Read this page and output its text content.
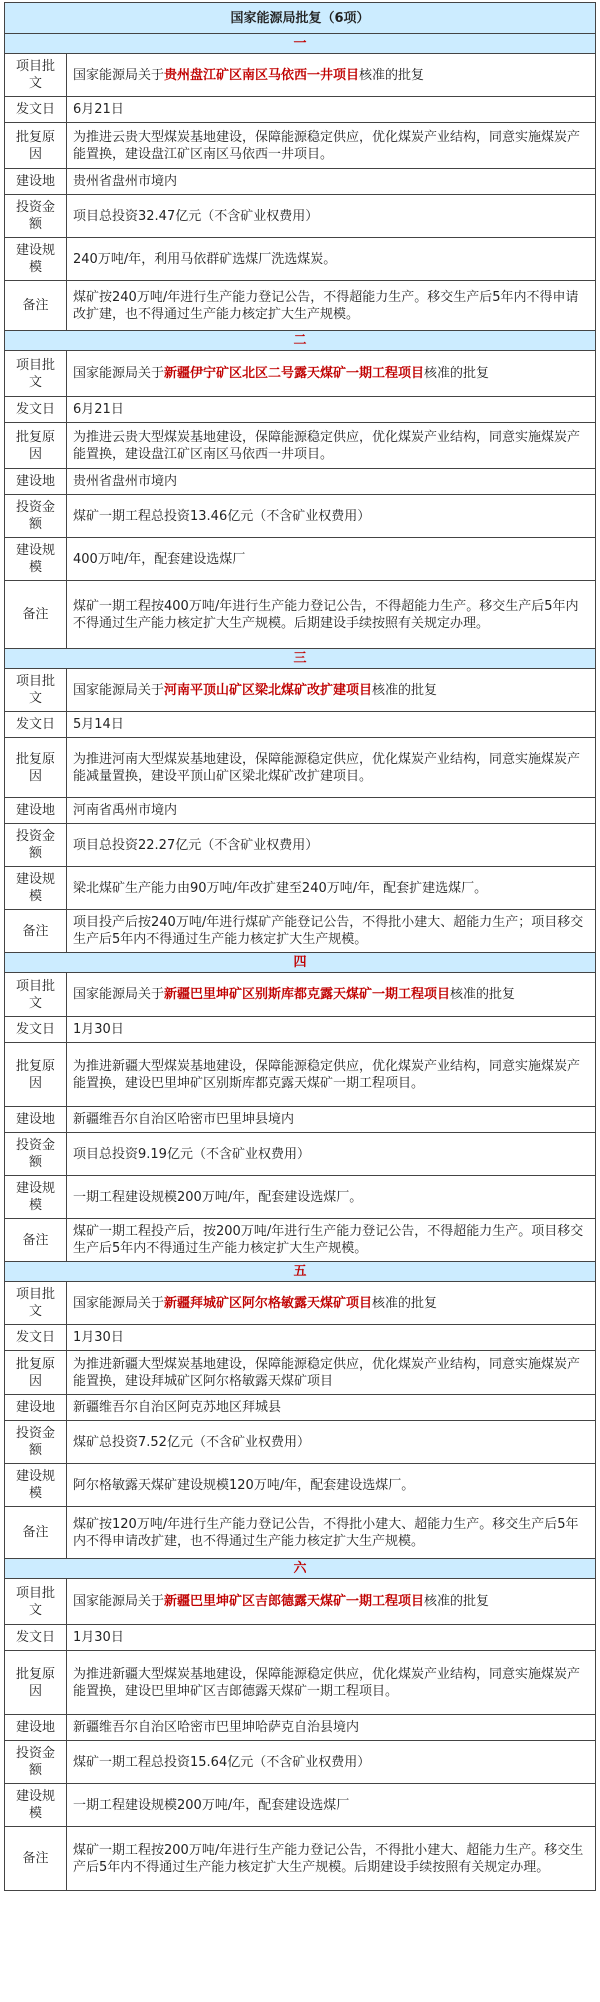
国家能源局批复（6项）	
一	
项目批文	国家能源局关于贵州盘江矿区南区马依西一井项目核准的批复
发文日	6月21日
批复原因	为推进云贵大型煤炭基地建设，保障能源稳定供应，优化煤炭产业结构，同意实施煤炭产能置换，建设盘江矿区南区马依西一井项目。
建设地	贵州省盘州市境内
投资金额	项目总投资32.47亿元（不含矿业权费用）
建设规模	240万吨/年，利用马依群矿选煤厂洗选煤炭。
备注	煤矿按240万吨/年进行生产能力登记公告，不得超能力生产。移交生产后5年内不得申请改扩建，也不得通过生产能力核定扩大生产规模。
二	
项目批文	国家能源局关于新疆伊宁矿区北区二号露天煤矿一期工程项目核准的批复
发文日	6月21日
批复原因	为推进云贵大型煤炭基地建设，保障能源稳定供应，优化煤炭产业结构，同意实施煤炭产能置换，建设盘江矿区南区马依西一井项目。
建设地	贵州省盘州市境内
投资金额	煤矿一期工程总投资13.46亿元（不含矿业权费用）
建设规模	400万吨/年，配套建设选煤厂
备注	煤矿一期工程按400万吨/年进行生产能力登记公告，不得超能力生产。移交生产后5年内不得通过生产能力核定扩大生产规模。后期建设手续按照有关规定办理。
三	
项目批文	国家能源局关于河南平顶山矿区梁北煤矿改扩建项目核准的批复
发文日	5月14日
批复原因	为推进河南大型煤炭基地建设，保障能源稳定供应，优化煤炭产业结构，同意实施煤炭产能减量置换，建设平顶山矿区梁北煤矿改扩建项目。
建设地	河南省禹州市境内
投资金额	项目总投资22.27亿元（不含矿业权费用）
建设规模	梁北煤矿生产能力由90万吨/年改扩建至240万吨/年，配套扩建选煤厂。
备注	项目投产后按240万吨/年进行煤矿产能登记公告，不得批小建大、超能力生产；项目移交生产后5年内不得通过生产能力核定扩大生产规模。
四	
项目批文	国家能源局关于新疆巴里坤矿区别斯库都克露天煤矿一期工程项目核准的批复
发文日	1月30日
批复原因	为推进新疆大型煤炭基地建设，保障能源稳定供应，优化煤炭产业结构，同意实施煤炭产能置换，建设巴里坤矿区别斯库都克露天煤矿一期工程项目。
建设地	新疆维吾尔自治区哈密市巴里坤县境内
投资金额	项目总投资9.19亿元（不含矿业权费用）
建设规模	一期工程建设规模200万吨/年，配套建设选煤厂。
备注	煤矿一期工程投产后，按200万吨/年进行生产能力登记公告，不得超能力生产。项目移交生产后5年内不得通过生产能力核定扩大生产规模。
五	
项目批文	国家能源局关于新疆拜城矿区阿尔格敏露天煤矿项目核准的批复
发文日	1月30日
批复原因	为推进新疆大型煤炭基地建设，保障能源稳定供应，优化煤炭产业结构，同意实施煤炭产能置换，建设拜城矿区阿尔格敏露天煤矿项目
建设地	新疆维吾尔自治区阿克苏地区拜城县
投资金额	煤矿总投资7.52亿元（不含矿业权费用）
建设规模	阿尔格敏露天煤矿建设规模120万吨/年，配套建设选煤厂。
备注	煤矿按120万吨/年进行生产能力登记公告，不得批小建大、超能力生产。移交生产后5年内不得申请改扩建，也不得通过生产能力核定扩大生产规模。
六	
项目批文	国家能源局关于新疆巴里坤矿区吉郎德露天煤矿一期工程项目核准的批复
发文日	1月30日
批复原因	为推进新疆大型煤炭基地建设，保障能源稳定供应，优化煤炭产业结构，同意实施煤炭产能置换，建设巴里坤矿区吉郎德露天煤矿一期工程项目。
建设地	新疆维吾尔自治区哈密市巴里坤哈萨克自治县境内
投资金额	煤矿一期工程总投资15.64亿元（不含矿业权费用）
建设规模	一期工程建设规模200万吨/年，配套建设选煤厂
备注	煤矿一期工程按200万吨/年进行生产能力登记公告，不得批小建大、超能力生产。移交生产后5年内不得通过生产能力核定扩大生产规模。后期建设手续按照有关规定办理。
